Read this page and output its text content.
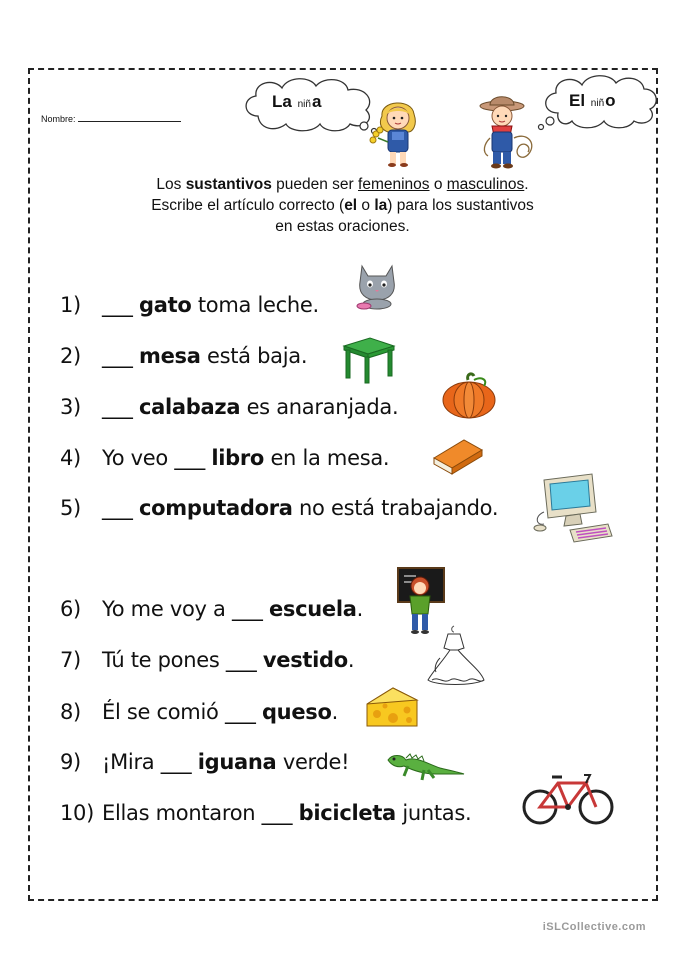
Nombre:
La niña	El niño
Los sustantivos pueden ser femeninos o masculinos.
Escribe el artículo correcto (el o la) para los sustantivos
en estas oraciones.
1) ___ gato toma leche.
2) ___ mesa está baja.
3) ___ calabaza es anaranjada.
4) Yo veo ___ libro en la mesa.
5) ___ computadora no está trabajando.
6) Yo me voy a ___ escuela.
7) Tú te pones ___ vestido.
8) Él se comió ___ queso.
9) ¡Mira ___ iguana verde!
10) Ellas montaron ___ bicicleta juntas.
iSLCollective.com
